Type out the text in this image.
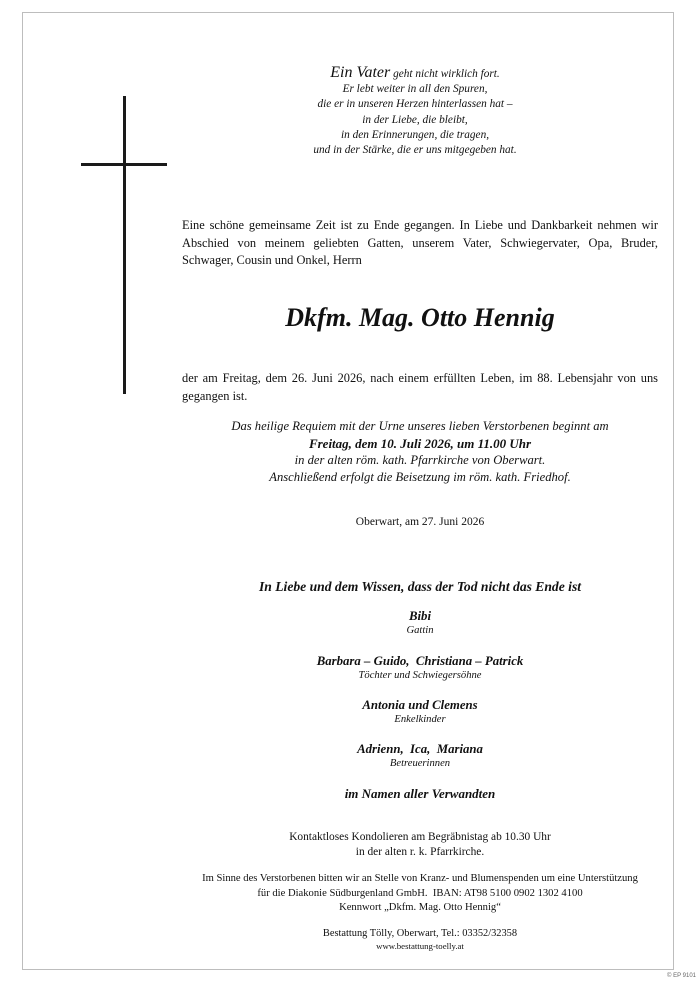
Ein Vater geht nicht wirklich fort.
Er lebt weiter in all den Spuren,
die er in unseren Herzen hinterlassen hat –
in der Liebe, die bleibt,
in den Erinnerungen, die tragen,
und in der Stärke, die er uns mitgegeben hat.
Eine schöne gemeinsame Zeit ist zu Ende gegangen. In Liebe und Dankbarkeit nehmen wir Abschied von meinem geliebten Gatten, unserem Vater, Schwiegervater, Opa, Bruder, Schwager, Cousin und Onkel, Herrn
Dkfm. Mag. Otto Hennig
der am Freitag, dem 26. Juni 2026, nach einem erfüllten Leben, im 88. Lebensjahr von uns gegangen ist.
Das heilige Requiem mit der Urne unseres lieben Verstorbenen beginnt am
Freitag, dem 10. Juli 2026, um 11.00 Uhr
in der alten röm. kath. Pfarrkirche von Oberwart.
Anschließend erfolgt die Beisetzung im röm. kath. Friedhof.
Oberwart, am 27. Juni 2026
In Liebe und dem Wissen, dass der Tod nicht das Ende ist
Bibi
Gattin
Barbara – Guido,  Christiana – Patrick
Töchter und Schwiegersöhne
Antonia und Clemens
Enkelkinder
Adrienn,  Ica,  Mariana
Betreuerinnen
im Namen aller Verwandten
Kontaktloses Kondolieren am Begräbnistag ab 10.30 Uhr
in der alten r. k. Pfarrkirche.
Im Sinne des Verstorbenen bitten wir an Stelle von Kranz- und Blumenspenden um eine Unterstützung
für die Diakonie Südburgenland GmbH.  IBAN: AT98 5100 0902 1302 4100
Kennwort „Dkfm. Mag. Otto Hennig“
Bestattung Tölly, Oberwart, Tel.: 03352/32358
www.bestattung-toelly.at
© EP 9101
